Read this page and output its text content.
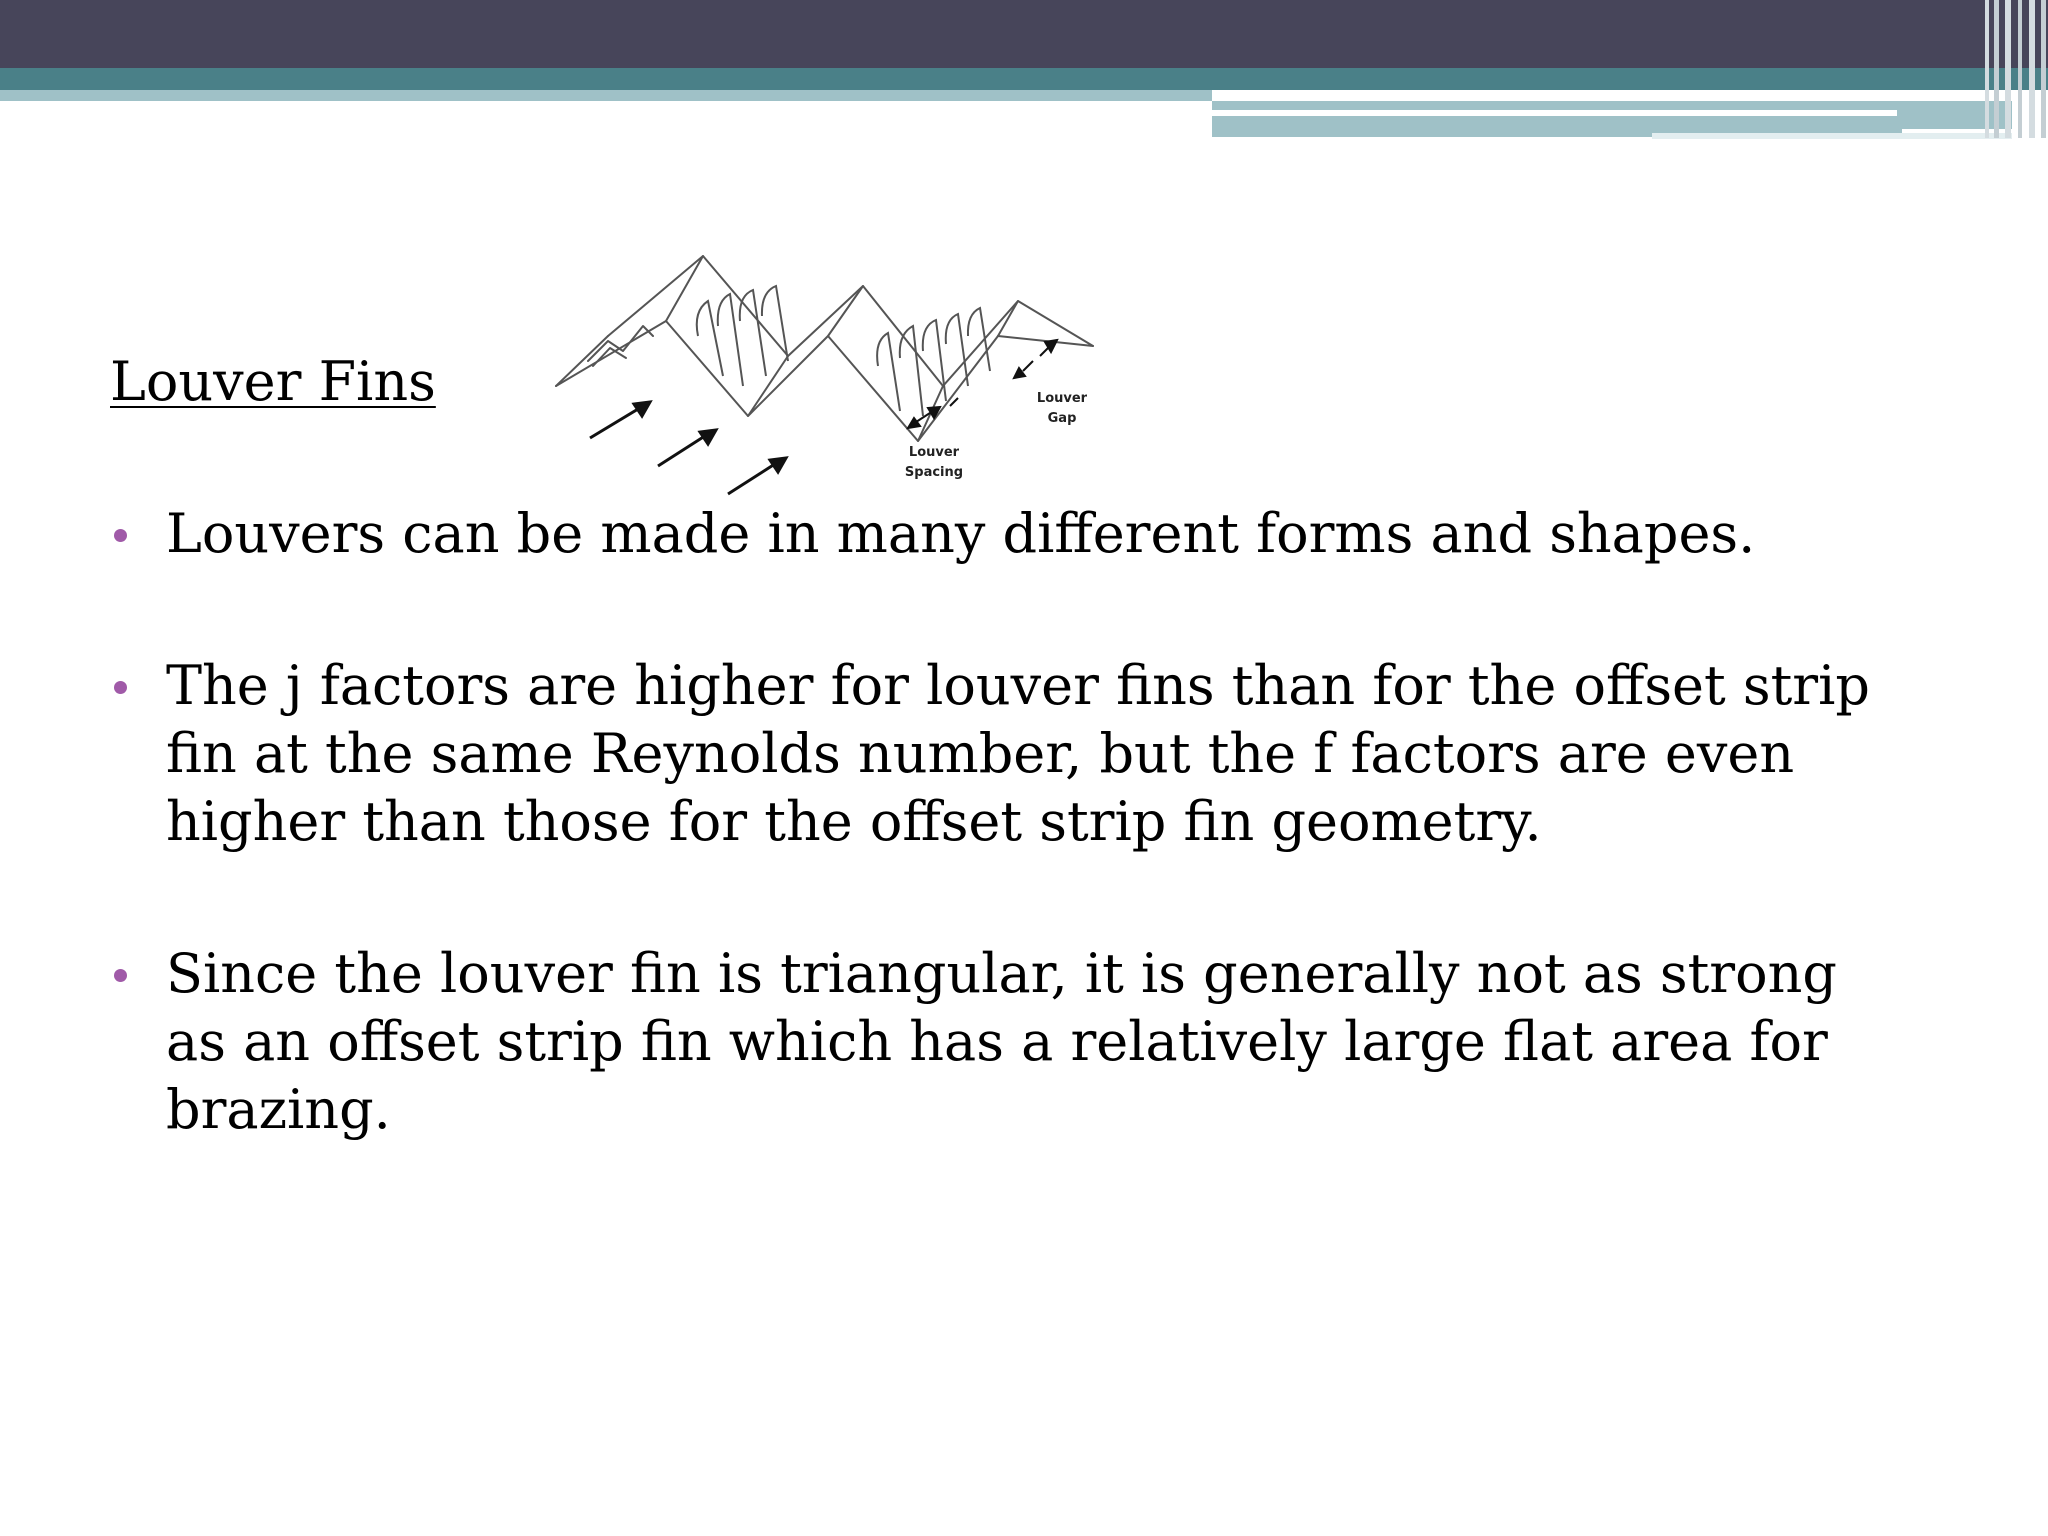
Louver Fins
Louver
Spacing
Louver
Gap
Louvers can be made in many different forms and shapes.
The j factors are higher for louver fins than for the offset strip fin at the same Reynolds number, but the f factors are even higher than those for the offset strip fin geometry.
Since the louver fin is triangular, it is generally not as strong as an offset strip fin which has a relatively large flat area for brazing.
